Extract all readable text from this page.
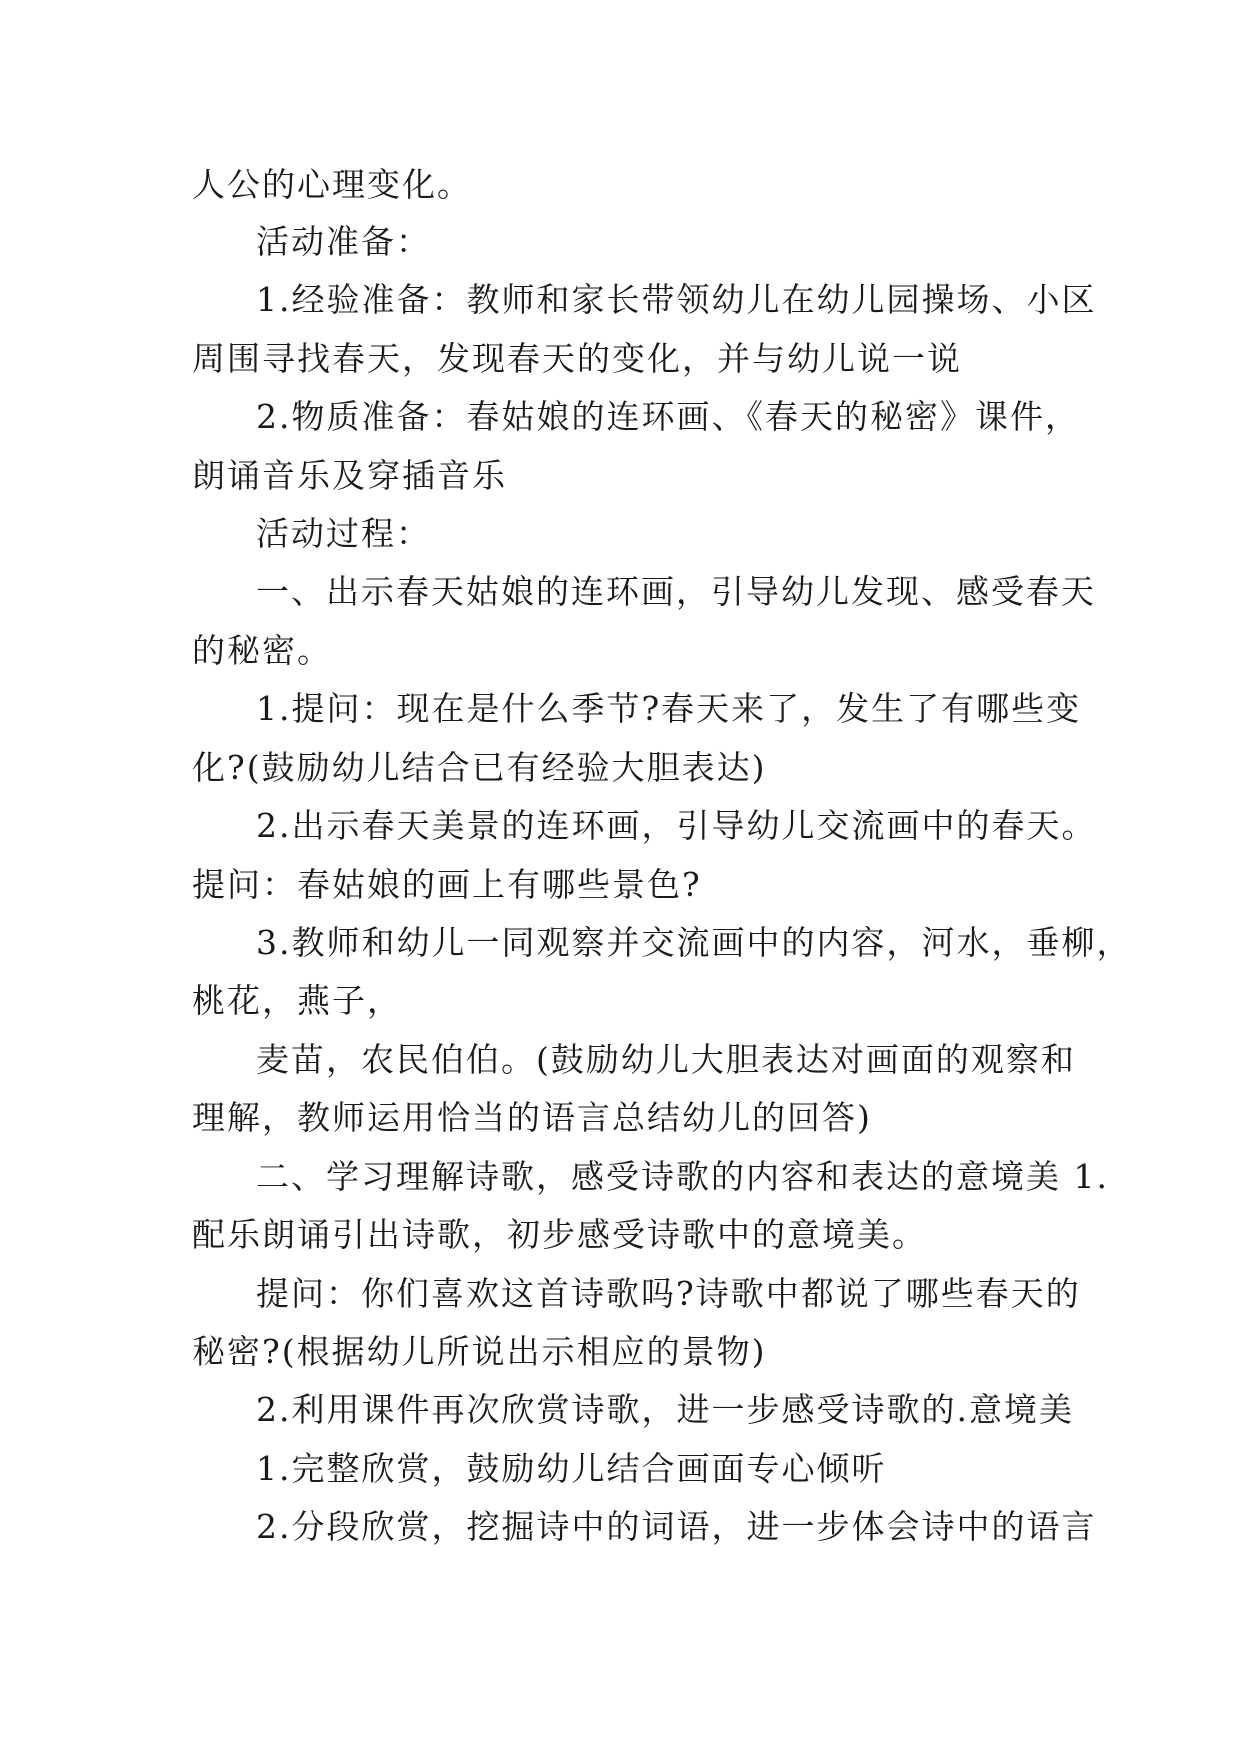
人公的心理变化。
活动准备：
1.经验准备：教师和家长带领幼儿在幼儿园操场、小区
周围寻找春天，发现春天的变化，并与幼儿说一说
2.物质准备：春姑娘的连环画、《春天的秘密》课件，
朗诵音乐及穿插音乐
活动过程：
一、出示春天姑娘的连环画，引导幼儿发现、感受春天
的秘密。
1.提问：现在是什么季节?春天来了，发生了有哪些变
化?(鼓励幼儿结合已有经验大胆表达)
2.出示春天美景的连环画，引导幼儿交流画中的春天。
提问：春姑娘的画上有哪些景色?
3.教师和幼儿一同观察并交流画中的内容，河水，垂柳，
桃花，燕子，
麦苗，农民伯伯。(鼓励幼儿大胆表达对画面的观察和
理解，教师运用恰当的语言总结幼儿的回答)
二、学习理解诗歌，感受诗歌的内容和表达的意境美 1.
配乐朗诵引出诗歌，初步感受诗歌中的意境美。
提问：你们喜欢这首诗歌吗?诗歌中都说了哪些春天的
秘密?(根据幼儿所说出示相应的景物)
2.利用课件再次欣赏诗歌，进一步感受诗歌的.意境美
1.完整欣赏，鼓励幼儿结合画面专心倾听
2.分段欣赏，挖掘诗中的词语，进一步体会诗中的语言
